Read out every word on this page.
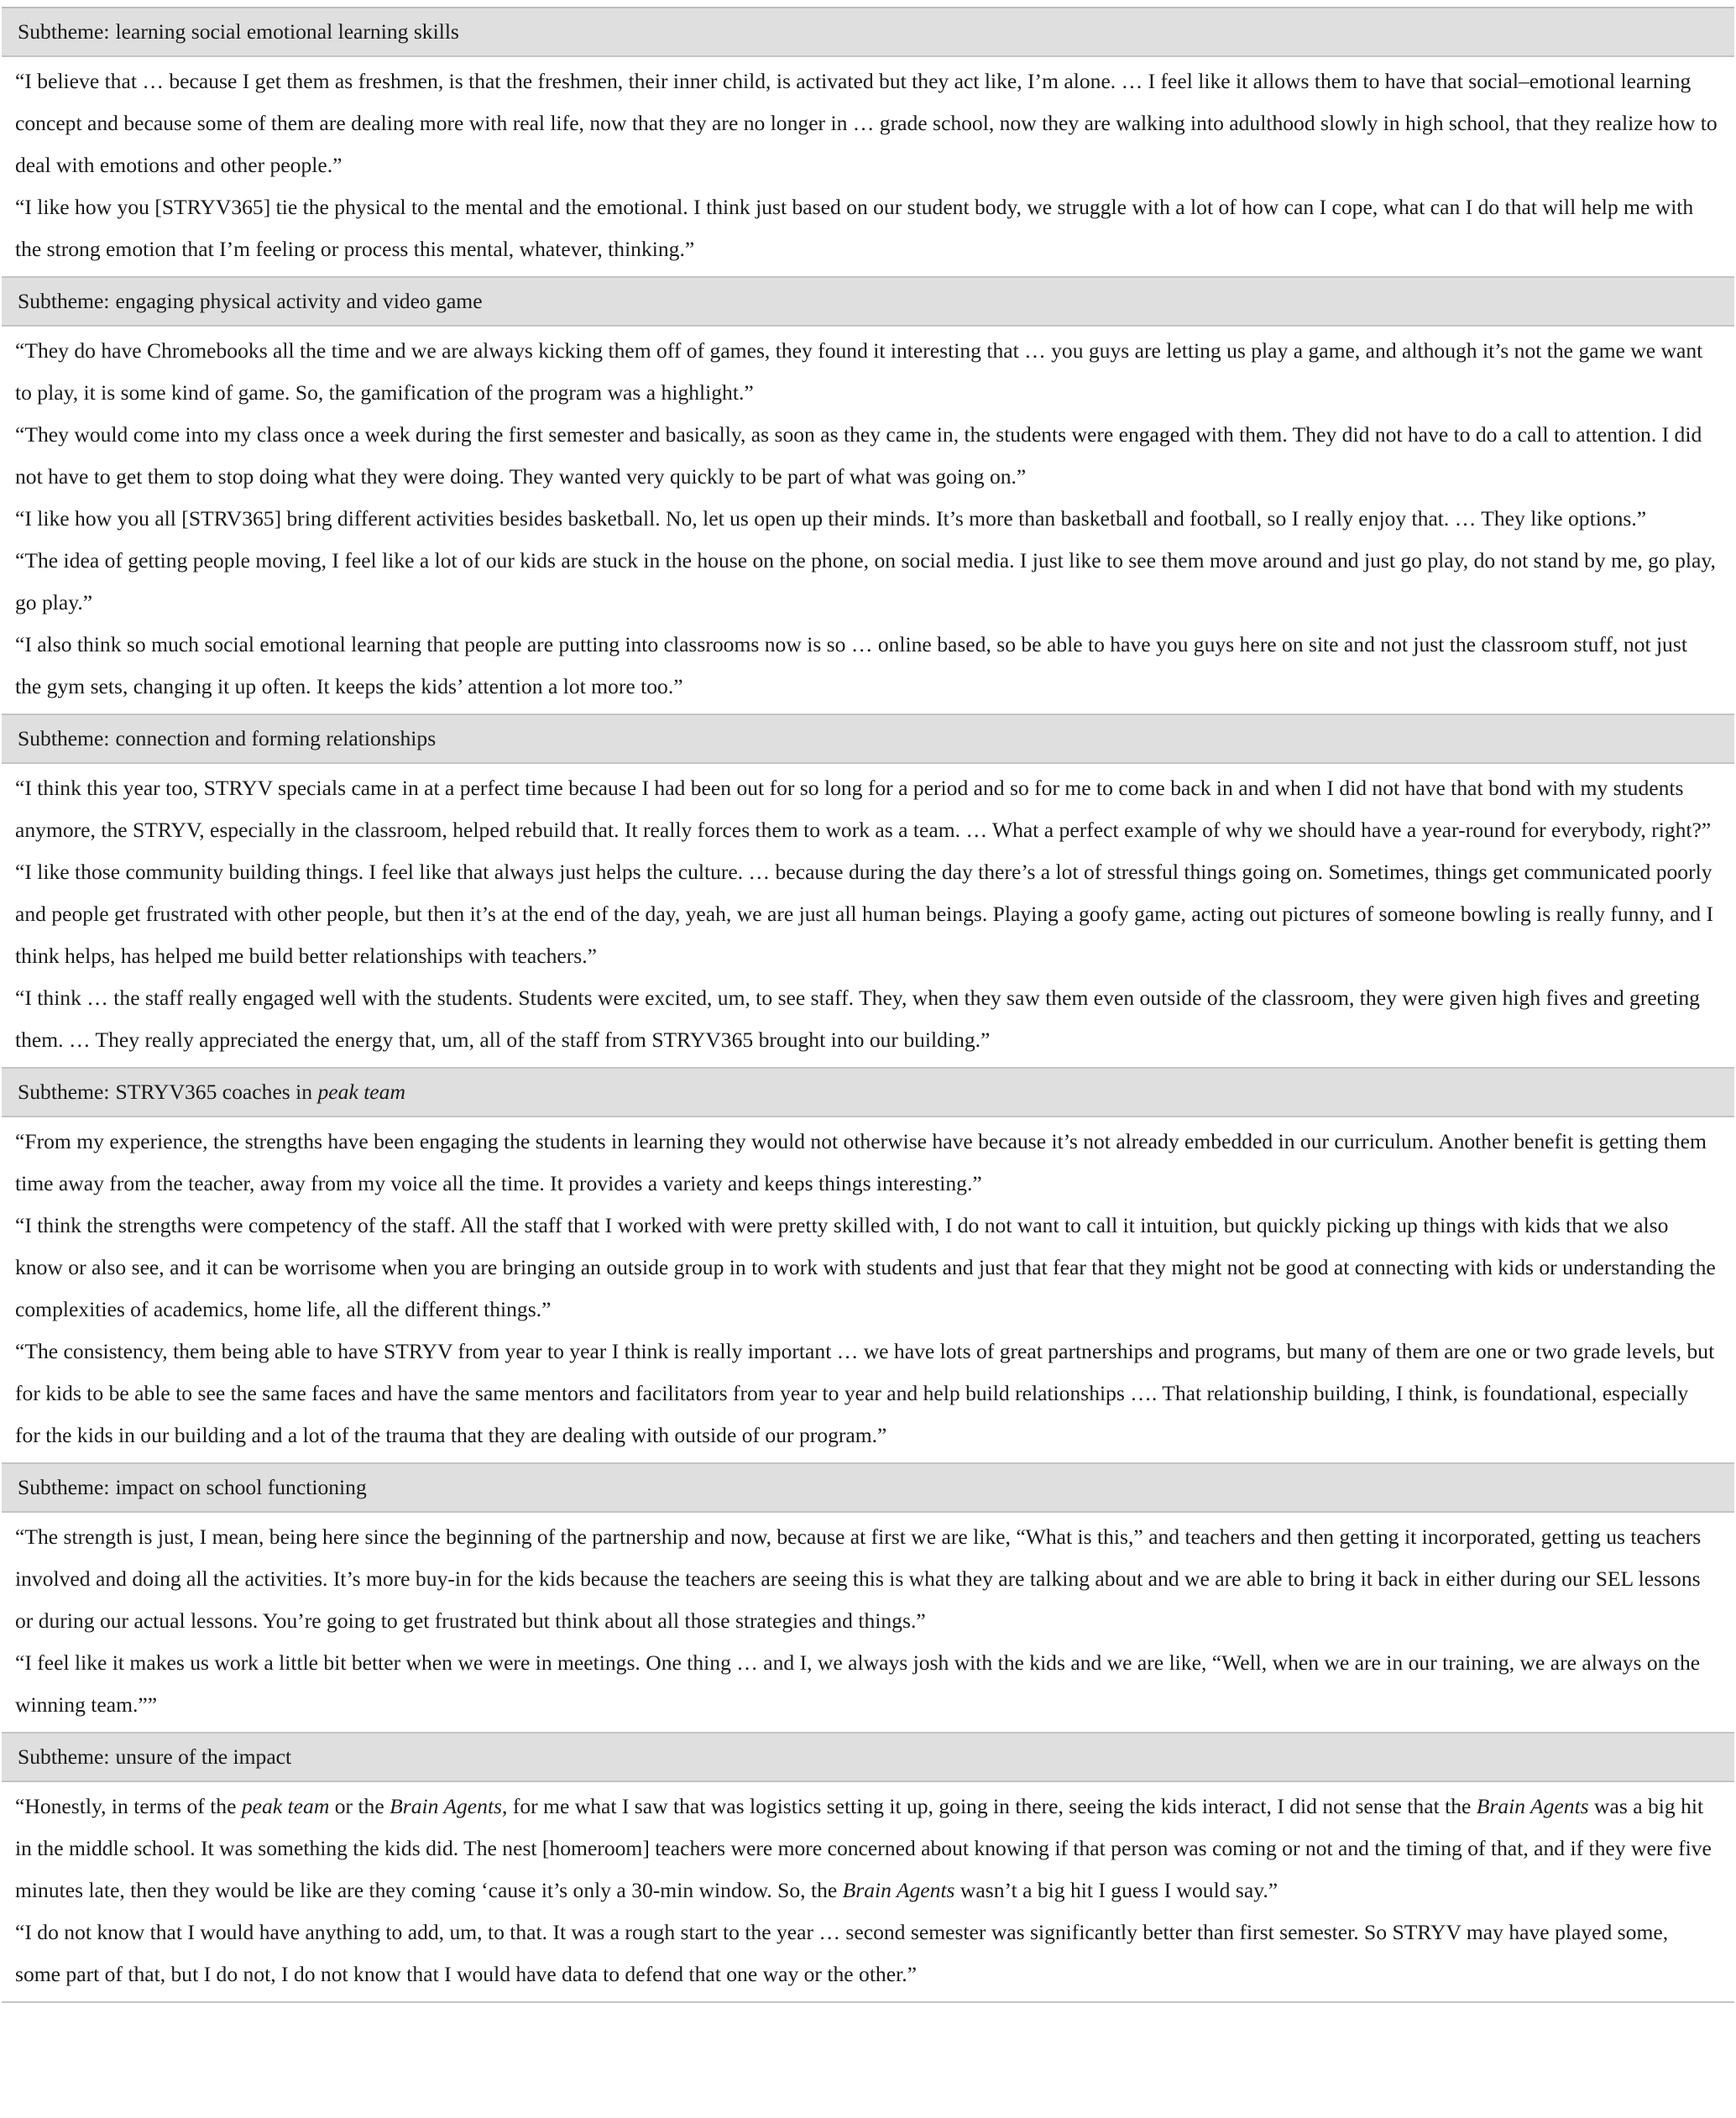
Subtheme: learning social emotional learning skills

“I believe that … because I get them as freshmen, is that the freshmen, their inner child, is activated but they act like, I’m alone. … I feel like it allows them to have that social–emotional learning concept and because some of them are dealing more with real life, now that they are no longer in … grade school, now they are walking into adulthood slowly in high school, that they realize how to deal with emotions and other people.”

“I like how you [STRYV365] tie the physical to the mental and the emotional. I think just based on our student body, we struggle with a lot of how can I cope, what can I do that will help me with the strong emotion that I’m feeling or process this mental, whatever, thinking.”

Subtheme: engaging physical activity and video game

“They do have Chromebooks all the time and we are always kicking them off of games, they found it interesting that … you guys are letting us play a game, and although it’s not the game we want to play, it is some kind of game. So, the gamification of the program was a highlight.”

“They would come into my class once a week during the first semester and basically, as soon as they came in, the students were engaged with them. They did not have to do a call to attention. I did not have to get them to stop doing what they were doing. They wanted very quickly to be part of what was going on.”

“I like how you all [STRV365] bring different activities besides basketball. No, let us open up their minds. It’s more than basketball and football, so I really enjoy that. … They like options.”

“The idea of getting people moving, I feel like a lot of our kids are stuck in the house on the phone, on social media. I just like to see them move around and just go play, do not stand by me, go play, go play.”

“I also think so much social emotional learning that people are putting into classrooms now is so … online based, so be able to have you guys here on site and not just the classroom stuff, not just the gym sets, changing it up often. It keeps the kids’ attention a lot more too.”

Subtheme: connection and forming relationships

“I think this year too, STRYV specials came in at a perfect time because I had been out for so long for a period and so for me to come back in and when I did not have that bond with my students anymore, the STRYV, especially in the classroom, helped rebuild that. It really forces them to work as a team. … What a perfect example of why we should have a year-round for everybody, right?”

“I like those community building things. I feel like that always just helps the culture. … because during the day there’s a lot of stressful things going on. Sometimes, things get communicated poorly and people get frustrated with other people, but then it’s at the end of the day, yeah, we are just all human beings. Playing a goofy game, acting out pictures of someone bowling is really funny, and I think helps, has helped me build better relationships with teachers.”

“I think … the staff really engaged well with the students. Students were excited, um, to see staff. They, when they saw them even outside of the classroom, they were given high fives and greeting them. … They really appreciated the energy that, um, all of the staff from STRYV365 brought into our building.”

Subtheme: STRYV365 coaches in
peak team

“From my experience, the strengths have been engaging the students in learning they would not otherwise have because it’s not already embedded in our curriculum. Another benefit is getting them time away from the teacher, away from my voice all the time. It provides a variety and keeps things interesting.”

“I think the strengths were competency of the staff. All the staff that I worked with were pretty skilled with, I do not want to call it intuition, but quickly picking up things with kids that we also know or also see, and it can be worrisome when you are bringing an outside group in to work with students and just that fear that they might not be good at connecting with kids or understanding the complexities of academics, home life, all the different things.”

“The consistency, them being able to have STRYV from year to year I think is really important … we have lots of great partnerships and programs, but many of them are one or two grade levels, but for kids to be able to see the same faces and have the same mentors and facilitators from year to year and help build relationships …. That relationship building, I think, is foundational, especially for the kids in our building and a lot of the trauma that they are dealing with outside of our program.”

Subtheme: impact on school functioning

“The strength is just, I mean, being here since the beginning of the partnership and now, because at first we are like, “What is this,” and teachers and then getting it incorporated, getting us teachers involved and doing all the activities. It’s more buy-in for the kids because the teachers are seeing this is what they are talking about and we are able to bring it back in either during our SEL lessons or during our actual lessons. You’re going to get frustrated but think about all those strategies and things.”

“I feel like it makes us work a little bit better when we were in meetings. One thing … and I, we always josh with the kids and we are like, “Well, when we are in our training, we are always on the winning team.””

Subtheme: unsure of the impact

“Honestly, in terms of the peak team or the Brain Agents, for me what I saw that was logistics setting it up, going in there, seeing the kids interact, I did not sense that the Brain Agents was a big hit in the middle school. It was something the kids did. The nest [homeroom] teachers were more concerned about knowing if that person was coming or not and the timing of that, and if they were five minutes late, then they would be like are they coming ‘cause it’s only a 30-min window. So, the Brain Agents wasn’t a big hit I guess I would say.”

“I do not know that I would have anything to add, um, to that. It was a rough start to the year … second semester was significantly better than first semester. So STRYV may have played some, some part of that, but I do not, I do not know that I would have data to defend that one way or the other.”
